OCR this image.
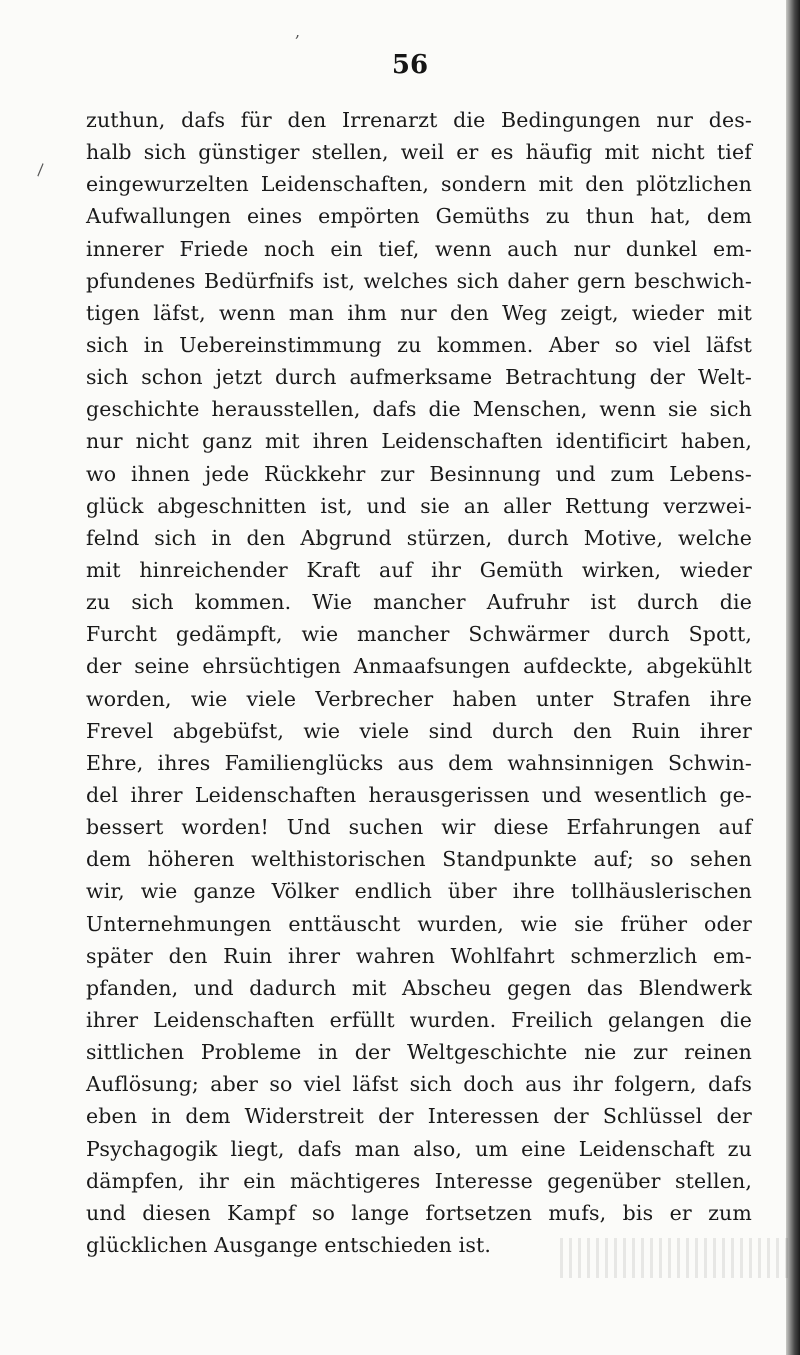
,
\
56
zuthun, dafs für den Irrenarzt die Bedingungen nur des-
halb sich günstiger stellen, weil er es häufig mit nicht tief
eingewurzelten Leidenschaften, sondern mit den plötzlichen
Aufwallungen eines empörten Gemüths zu thun hat, dem
innerer Friede noch ein tief, wenn auch nur dunkel em-
pfundenes Bedürfnifs ist, welches sich daher gern beschwich-
tigen läfst, wenn man ihm nur den Weg zeigt, wieder mit
sich in Uebereinstimmung zu kommen. Aber so viel läfst
sich schon jetzt durch aufmerksame Betrachtung der Welt-
geschichte herausstellen, dafs die Menschen, wenn sie sich
nur nicht ganz mit ihren Leidenschaften identificirt haben,
wo ihnen jede Rückkehr zur Besinnung und zum Lebens-
glück abgeschnitten ist, und sie an aller Rettung verzwei-
felnd sich in den Abgrund stürzen, durch Motive, welche
mit hinreichender Kraft auf ihr Gemüth wirken, wieder
zu sich kommen. Wie mancher Aufruhr ist durch die
Furcht gedämpft, wie mancher Schwärmer durch Spott,
der seine ehrsüchtigen Anmaafsungen aufdeckte, abgekühlt
worden, wie viele Verbrecher haben unter Strafen ihre
Frevel abgebüfst, wie viele sind durch den Ruin ihrer
Ehre, ihres Familienglücks aus dem wahnsinnigen Schwin-
del ihrer Leidenschaften herausgerissen und wesentlich ge-
bessert worden! Und suchen wir diese Erfahrungen auf
dem höheren welthistorischen Standpunkte auf; so sehen
wir, wie ganze Völker endlich über ihre tollhäuslerischen
Unternehmungen enttäuscht wurden, wie sie früher oder
später den Ruin ihrer wahren Wohlfahrt schmerzlich em-
pfanden, und dadurch mit Abscheu gegen das Blendwerk
ihrer Leidenschaften erfüllt wurden. Freilich gelangen die
sittlichen Probleme in der Weltgeschichte nie zur reinen
Auflösung; aber so viel läfst sich doch aus ihr folgern, dafs
eben in dem Widerstreit der Interessen der Schlüssel der
Psychagogik liegt, dafs man also, um eine Leidenschaft zu
dämpfen, ihr ein mächtigeres Interesse gegenüber stellen,
und diesen Kampf so lange fortsetzen mufs, bis er zum
glücklichen Ausgange entschieden ist.
